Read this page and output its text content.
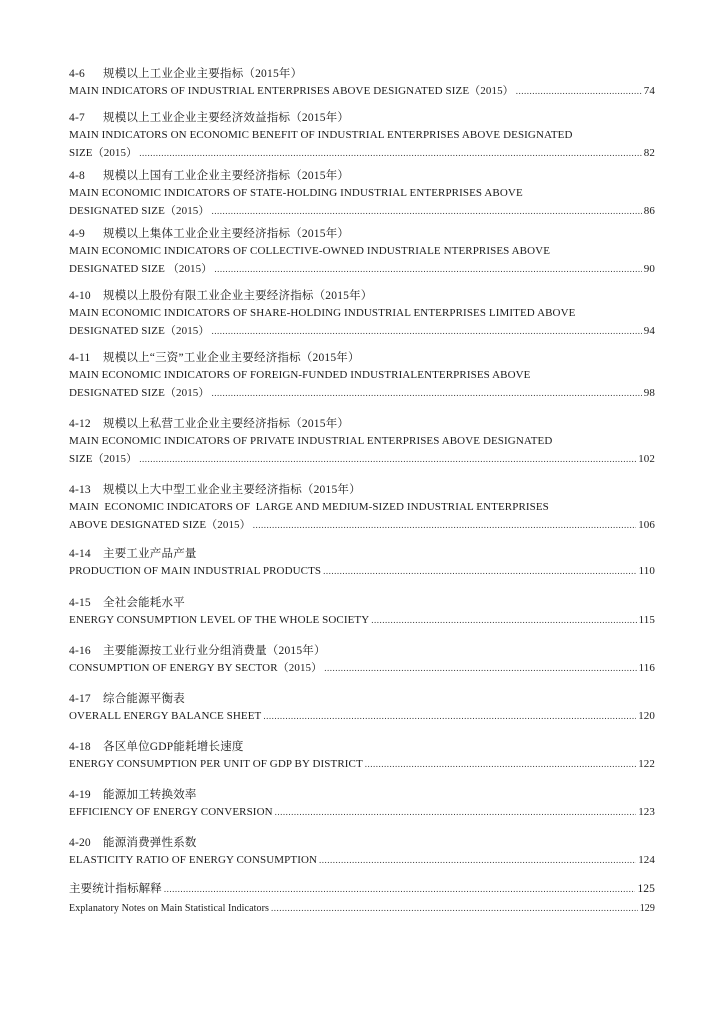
4-6 规模以上工业企业主要指标（2015年）
MAIN INDICATORS OF INDUSTRIAL ENTERPRISES ABOVE DESIGNATED SIZE（2015） .....	74
4-7 规模以上工业企业主要经济效益指标（2015年）
MAIN INDICATORS ON ECONOMIC BENEFIT OF INDUSTRIAL ENTERPRISES ABOVE DESIGNATED
SIZE（2015） .....	82
4-8 规模以上国有工业企业主要经济指标（2015年）
MAIN ECONOMIC INDICATORS OF STATE-HOLDING INDUSTRIAL ENTERPRISES ABOVE
DESIGNATED SIZE（2015） .....	86
4-9 规模以上集体工业企业主要经济指标（2015年）
MAIN ECONOMIC INDICATORS OF COLLECTIVE-OWNED INDUSTRIALE NTERPRISES ABOVE
DESIGNATED SIZE （2015） .....	90
4-10 规模以上股份有限工业企业主要经济指标（2015年）
MAIN ECONOMIC INDICATORS OF SHARE-HOLDING INDUSTRIAL ENTERPRISES LIMITED ABOVE
DESIGNATED SIZE（2015） .....	94
4-11 规模以上“三资”工业企业主要经济指标（2015年）
MAIN ECONOMIC INDICATORS OF FOREIGN-FUNDED INDUSTRIALENTERPRISES ABOVE
DESIGNATED SIZE（2015） .....	98
4-12 规模以上私营工业企业主要经济指标（2015年）
MAIN ECONOMIC INDICATORS OF PRIVATE INDUSTRIAL ENTERPRISES ABOVE DESIGNATED
SIZE（2015） .....	102
4-13 规模以上大中型工业企业主要经济指标（2015年）
MAIN  ECONOMIC INDICATORS OF  LARGE AND MEDIUM-SIZED INDUSTRIAL ENTERPRISES
ABOVE DESIGNATED SIZE（2015） .....	106
4-14 主要工业产品产量
PRODUCTION OF MAIN INDUSTRIAL PRODUCTS .....	110
4-15 全社会能耗水平
ENERGY CONSUMPTION LEVEL OF THE WHOLE SOCIETY .....	115
4-16 主要能源按工业行业分组消费量（2015年）
CONSUMPTION OF ENERGY BY SECTOR（2015） .....	116
4-17 综合能源平衡表
OVERALL ENERGY BALANCE SHEET .....	120
4-18 各区单位GDP能耗增长速度
ENERGY CONSUMPTION PER UNIT OF GDP BY DISTRICT .....	122
4-19 能源加工转换效率
EFFICIENCY OF ENERGY CONVERSION .....	123
4-20 能源消费弹性系数
ELASTICITY RATIO OF ENERGY CONSUMPTION .....	124
主要统计指标解释 .....	125
Explanatory Notes on Main Statistical Indicators .....	129
